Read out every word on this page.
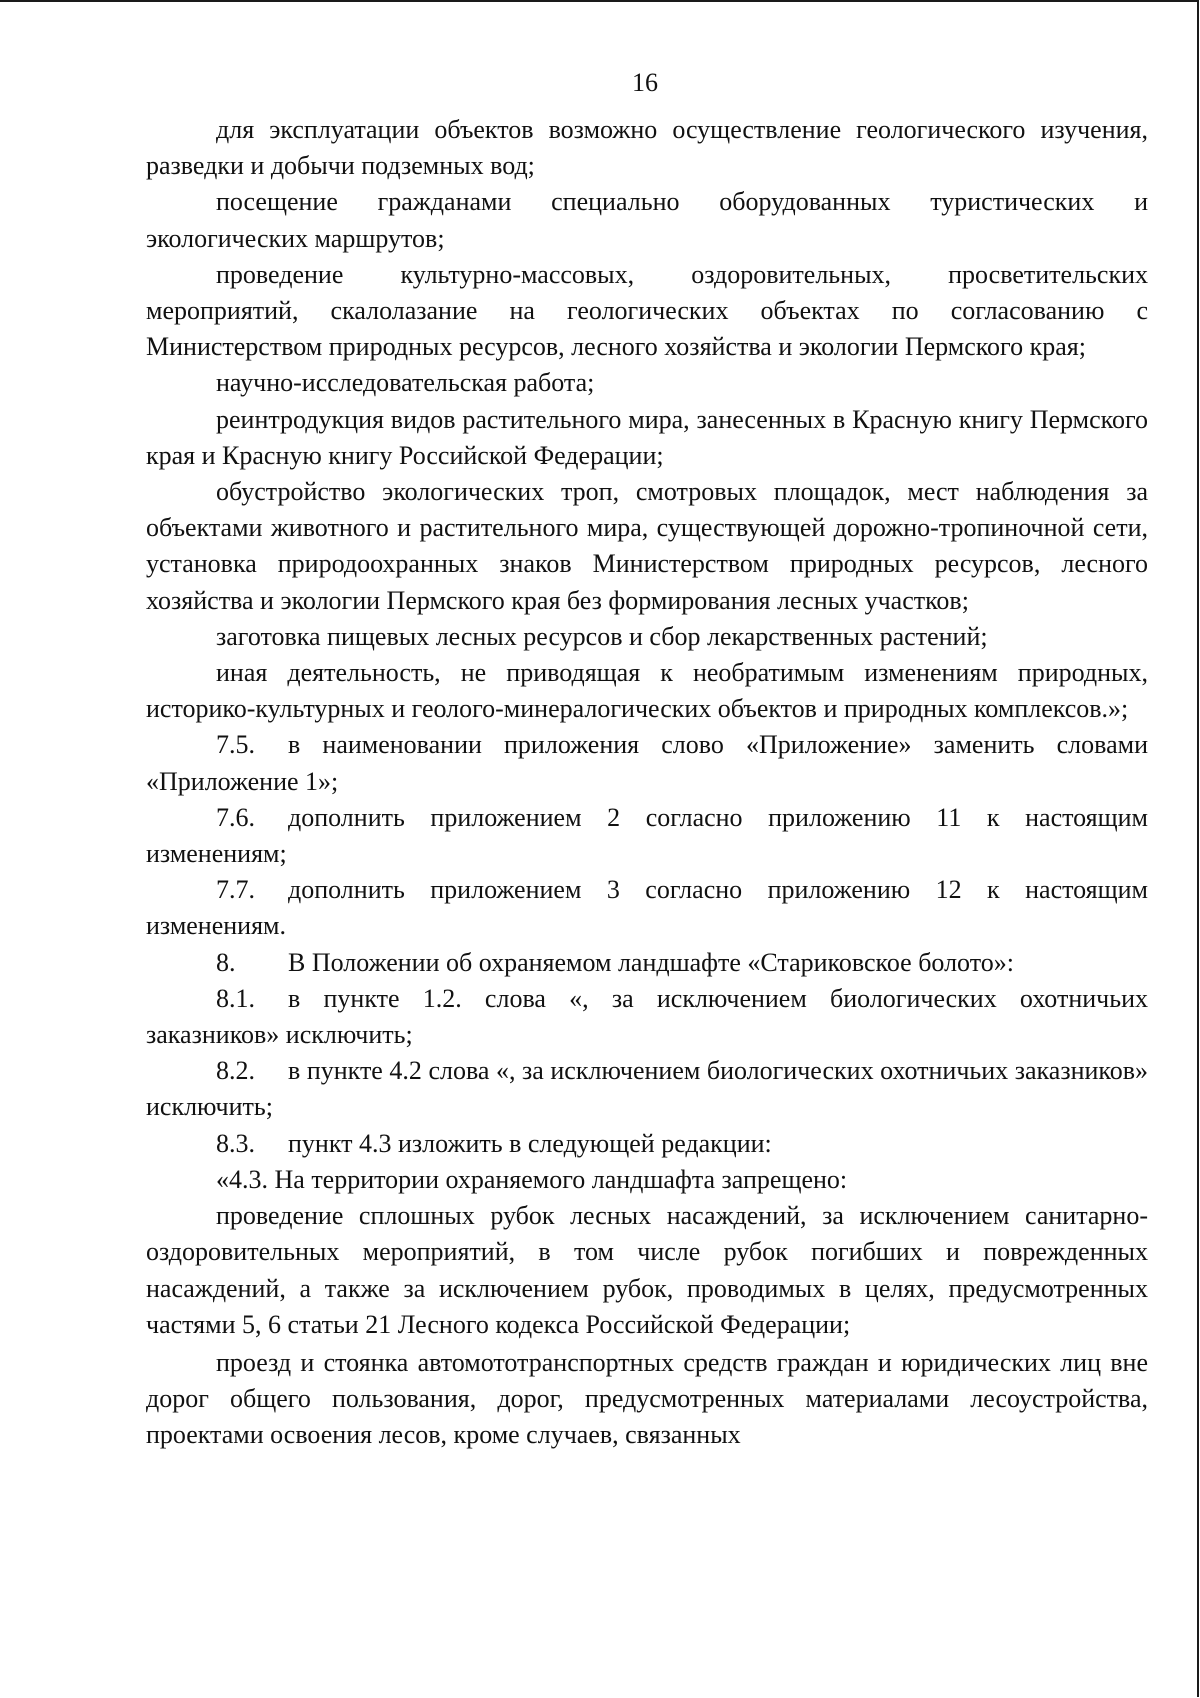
16

для эксплуатации объектов возможно осуществление геологического изучения, разведки и добычи подземных вод;

посещение гражданами специально оборудованных туристических и экологических маршрутов;

проведение культурно-массовых, оздоровительных, просветительских мероприятий, скалолазание на геологических объектах по согласованию с Министерством природных ресурсов, лесного хозяйства и экологии Пермского края;

научно-исследовательская работа;

реинтродукция видов растительного мира, занесенных в Красную книгу Пермского края и Красную книгу Российской Федерации;

обустройство экологических троп, смотровых площадок, мест наблюдения за объектами животного и растительного мира, существующей дорожно-тропиночной сети, установка природоохранных знаков Министерством природных ресурсов, лесного хозяйства и экологии Пермского края без формирования лесных участков;

заготовка пищевых лесных ресурсов и сбор лекарственных растений;

иная деятельность, не приводящая к необратимым изменениям природных, историко-культурных и геолого-минералогических объектов и природных комплексов.»;

7.5. в наименовании приложения слово «Приложение» заменить словами «Приложение 1»;

7.6. дополнить приложением 2 согласно приложению 11 к настоящим изменениям;

7.7. дополнить приложением 3 согласно приложению 12 к настоящим изменениям.

8. В Положении об охраняемом ландшафте «Стариковское болото»:

8.1. в пункте 1.2. слова «, за исключением биологических охотничьих заказников» исключить;

8.2. в пункте 4.2 слова «, за исключением биологических охотничьих заказников» исключить;

8.3. пункт 4.3 изложить в следующей редакции:

«4.3. На территории охраняемого ландшафта запрещено:

проведение сплошных рубок лесных насаждений, за исключением санитарно-оздоровительных мероприятий, в том числе рубок погибших и поврежденных насаждений, а также за исключением рубок, проводимых в целях, предусмотренных частями 5, 6 статьи 21 Лесного кодекса Российской Федерации;

проезд и стоянка автомототранспортных средств граждан и юридических лиц вне дорог общего пользования, дорог, предусмотренных материалами лесоустройства, проектами освоения лесов, кроме случаев, связанных
